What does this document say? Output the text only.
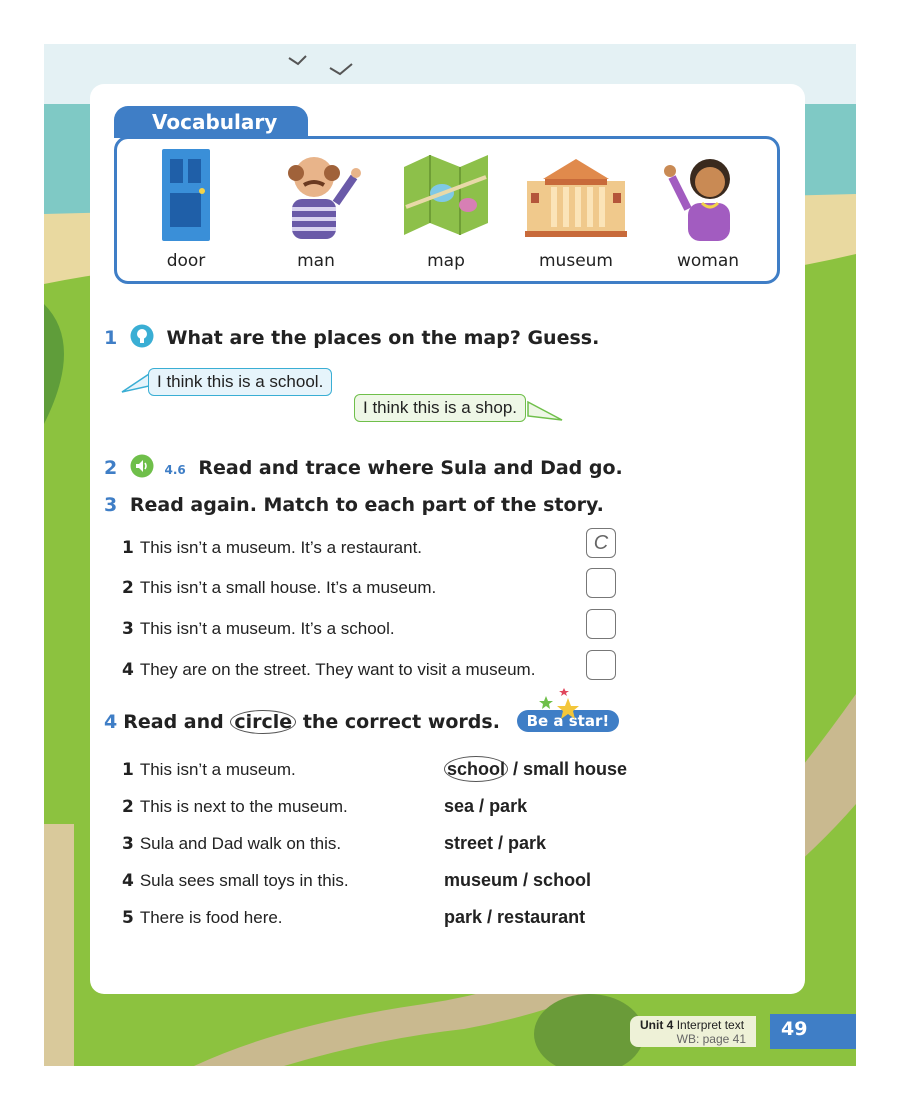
Vocabulary
door	man	map	museum	woman
1	What are the places on the map? Guess.
I think this is a school.
I think this is a shop.
2	4.6 Read and trace where Sula and Dad go.
3 Read again. Match to each part of the story.
1 This isn’t a museum. It’s a restaurant.	C
2 This isn’t a small house. It’s a museum.
3 This isn’t a museum. It’s a school.
4 They are on the street. They want to visit a museum.
4 Read and circle the correct words. Be a star!
1 This isn’t a museum.	school / small house
2 This is next to the museum.	sea / park
3 Sula and Dad walk on this.	street / park
4 Sula sees small toys in this.	museum / school
5 There is food here.	park / restaurant
Unit 4 Interpret text
WB: page 41	49
